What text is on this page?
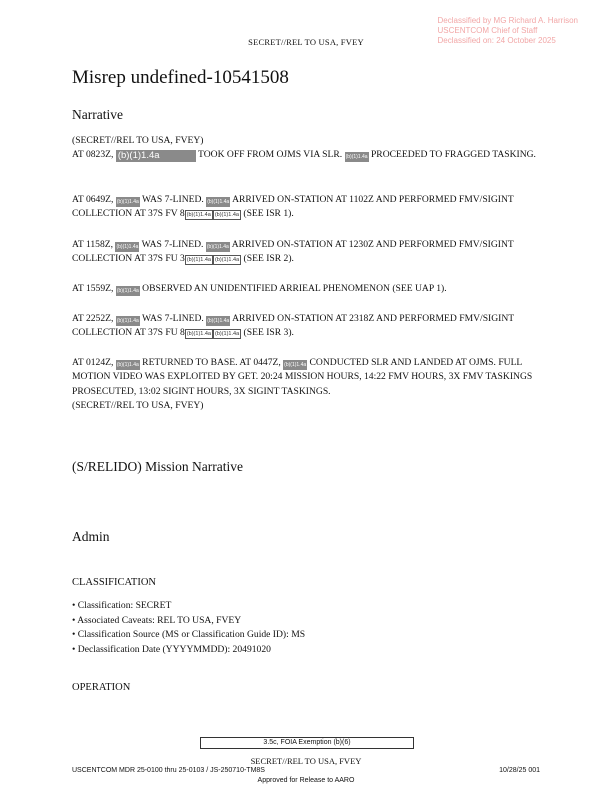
Declassified by MG Richard A. Harrison
USCENTCOM Chief of Staff
Declassified on: 24 October 2025
SECRET//REL TO USA, FVEY
Misrep undefined-10541508
Narrative
(SECRET//REL TO USA, FVEY)
AT 0823Z, (b)(1)1.4a	TOOK OFF FROM OJMS VIA SLR. (b)(1)1.4a PROCEEDED TO FRAGGED TASKING.
AT 0649Z, (b)(1)1.4a WAS 7-LINED. (b)(1)1.4a ARRIVED ON-STATION AT 1102Z AND PERFORMED FMV/SIGINT COLLECTION AT 37S FV 8 (b)(1)1.4a (b)(1)1.4a (SEE ISR 1).
AT 1158Z, (b)(1)1.4a WAS 7-LINED. (b)(1)1.4a ARRIVED ON-STATION AT 1230Z AND PERFORMED FMV/SIGINT COLLECTION AT 37S FU 3 (b)(1)1.4a (b)(1)1.4a (SEE ISR 2).
AT 1559Z, (b)(1)1.4a OBSERVED AN UNIDENTIFIED ARRIEAL PHENOMENON (SEE UAP 1).
AT 2252Z, (b)(1)1.4a WAS 7-LINED. (b)(1)1.4a ARRIVED ON-STATION AT 2318Z AND PERFORMED FMV/SIGINT COLLECTION AT 37S FU 8 (b)(1)1.4a (b)(1)1.4a (SEE ISR 3).
AT 0124Z, (b)(1)1.4a RETURNED TO BASE. AT 0447Z, (b)(1)1.4a CONDUCTED SLR AND LANDED AT OJMS. FULL MOTION VIDEO WAS EXPLOITED BY GET. 20:24 MISSION HOURS, 14:22 FMV HOURS, 3X FMV TASKINGS PROSECUTED, 13:02 SIGINT HOURS, 3X SIGINT TASKINGS.
(SECRET//REL TO USA, FVEY)
(S/RELIDO) Mission Narrative
Admin
CLASSIFICATION
• Classification: SECRET
• Associated Caveats: REL TO USA, FVEY
• Classification Source (MS or Classification Guide ID): MS
• Declassification Date (YYYYMMDD): 20491020
OPERATION
3.5c, FOIA Exemption (b)(6)
SECRET//REL TO USA, FVEY
USCENTCOM MDR 25-0100 thru 25-0103 / JS-250710-TM8S	10/28/25 001
Approved for Release to AARO
